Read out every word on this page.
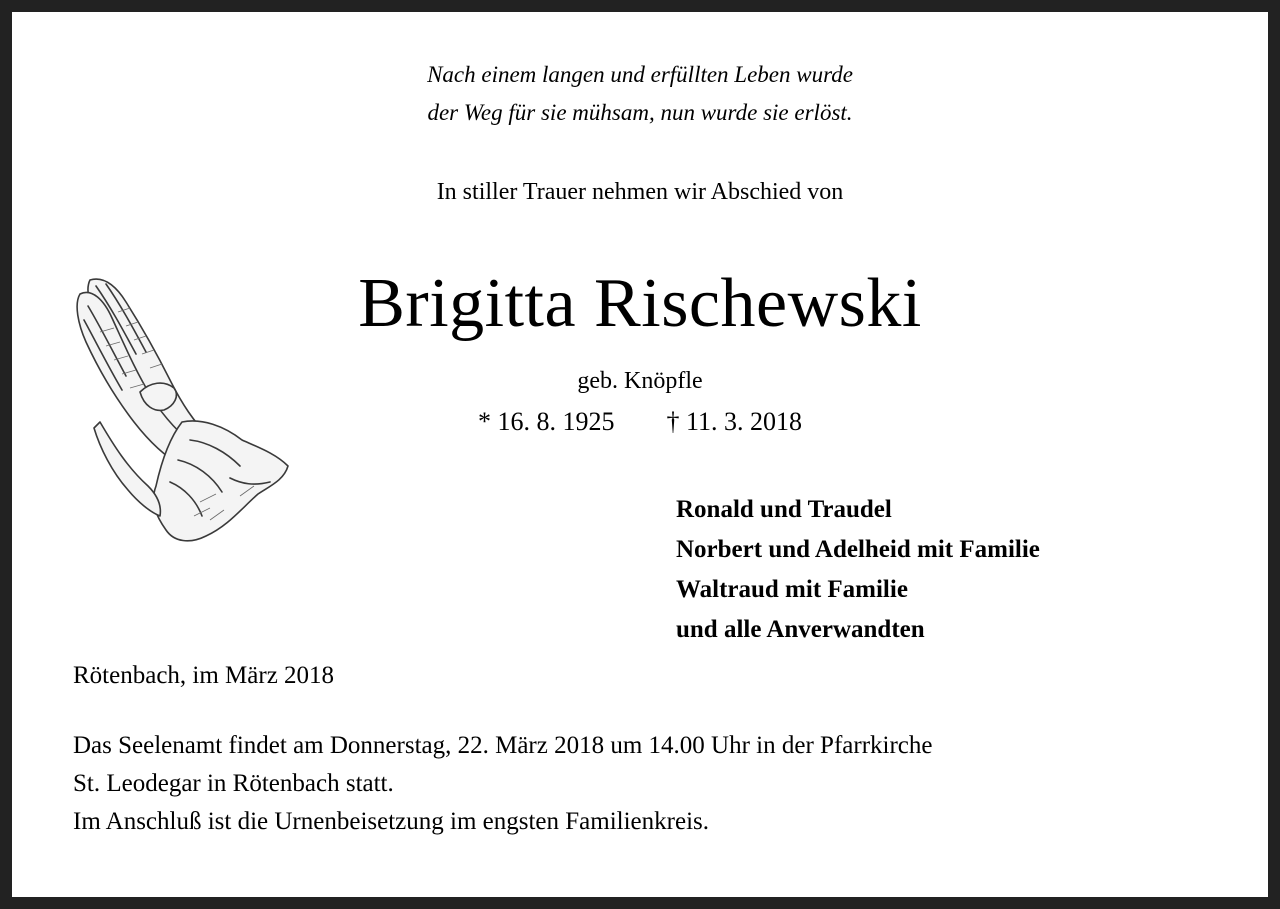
Nach einem langen und erfüllten Leben wurde
der Weg für sie mühsam, nun wurde sie erlöst.
In stiller Trauer nehmen wir Abschied von
Brigitta Rischewski
geb. Knöpfle
* 16. 8. 1925 † 11. 3. 2018
Ronald und Traudel
Norbert und Adelheid mit Familie
Waltraud mit Familie
und alle Anverwandten
Rötenbach, im März 2018
Das Seelenamt findet am Donnerstag, 22. März 2018 um 14.00 Uhr in der Pfarrkirche
St. Leodegar in Rötenbach statt.
Im Anschluß ist die Urnenbeisetzung im engsten Familienkreis.
